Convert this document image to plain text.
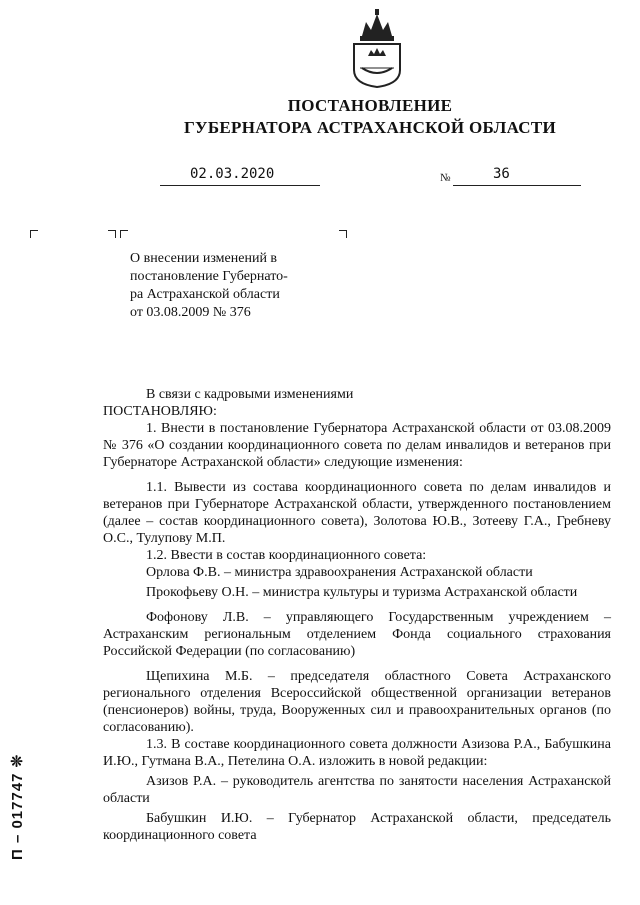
ПОСТАНОВЛЕНИЕ
ГУБЕРНАТОРА АСТРАХАНСКОЙ ОБЛАСТИ
02.03.2020	№	36
О внесении изменений в
постановление Губернато-
ра Астраханской области
от 03.08.2009 № 376

В связи с кадровыми изменениями

ПОСТАНОВЛЯЮ:

1. Внести в постановление Губернатора Астраханской области от 03.08.2009 № 376 «О создании координационного совета по делам инвалидов и ветеранов при Губернаторе Астраханской области» следующие изменения:

1.1. Вывести из состава координационного совета по делам инвалидов и ветеранов при Губернаторе Астраханской области, утвержденного постановлением (далее – состав координационного совета), Золотова Ю.В., Зотееву Г.А., Гребневу О.С., Тулупову М.П.

1.2. Ввести в состав координационного совета:

Орлова Ф.В. – министра здравоохранения Астраханской области

Прокофьеву О.Н. – министра культуры и туризма Астраханской области

Фофонову Л.В. – управляющего Государственным учреждением – Астраханским региональным отделением Фонда социального страхования Российской Федерации (по согласованию)

Щепихина М.Б. – председателя областного Совета Астраханского регионального отделения Всероссийской общественной организации ветеранов (пенсионеров) войны, труда, Вооруженных сил и правоохранительных органов (по согласованию).

1.3. В составе координационного совета должности Азизова Р.А., Бабушкина И.Ю., Гутмана В.А., Петелина О.А. изложить в новой редакции:

Азизов Р.А. – руководитель агентства по занятости населения Астраханской области

Бабушкин И.Ю. – Губернатор Астраханской области, председатель координационного совета

П – 017747 ❊
